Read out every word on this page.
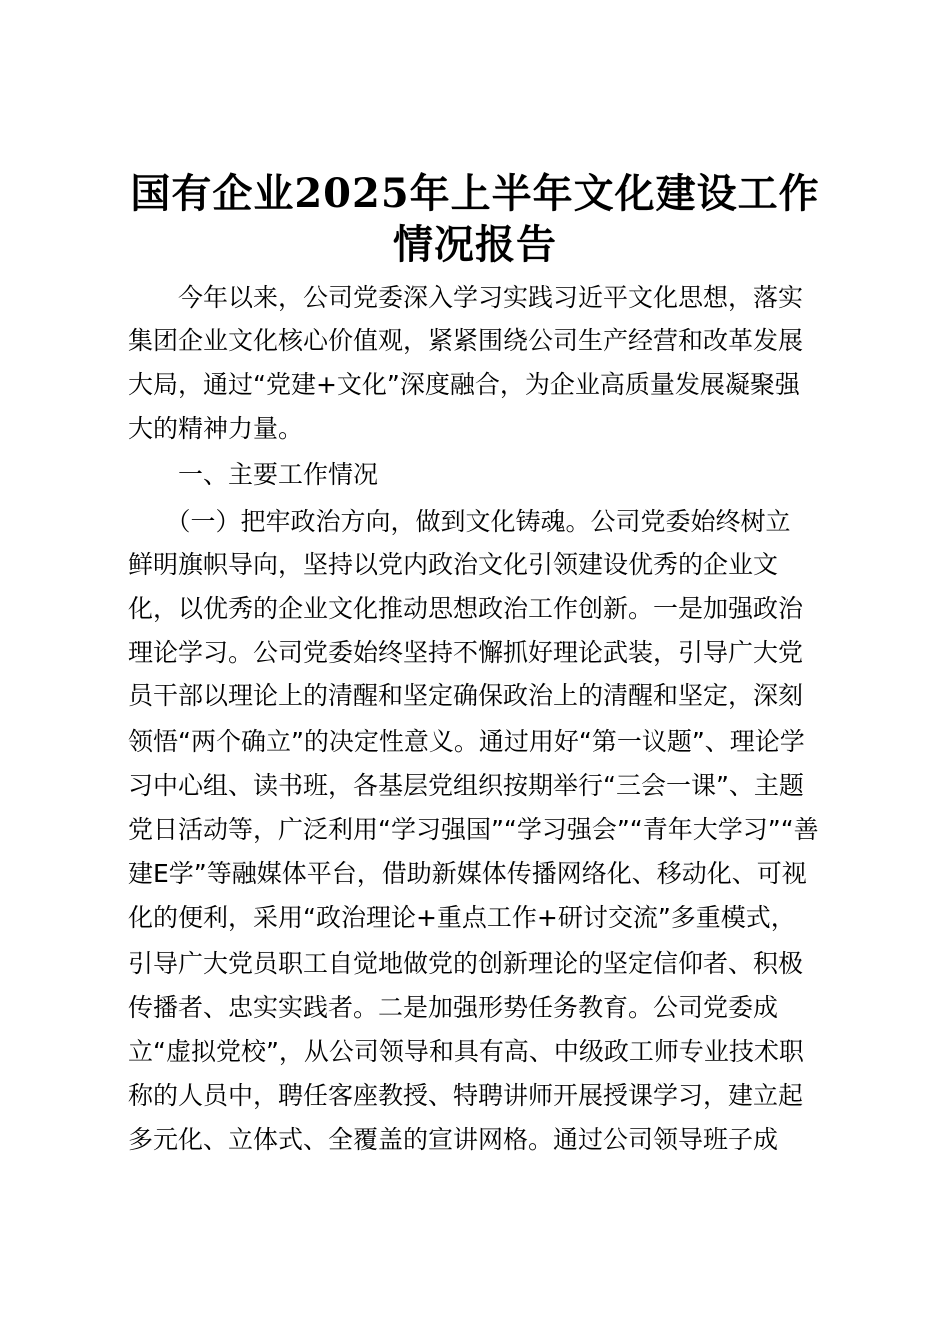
国有企业2025年上半年文化建设工作
情况报告
　　今年以来，公司党委深入学习实践习近平文化思想，落实
集团企业文化核心价值观，紧紧围绕公司生产经营和改革发展
大局，通过“党建+文化”深度融合，为企业高质量发展凝聚强
大的精神力量。
　　一、主要工作情况
　　（一）把牢政治方向，做到文化铸魂。公司党委始终树立
鲜明旗帜导向，坚持以党内政治文化引领建设优秀的企业文
化，以优秀的企业文化推动思想政治工作创新。一是加强政治
理论学习。公司党委始终坚持不懈抓好理论武装，引导广大党
员干部以理论上的清醒和坚定确保政治上的清醒和坚定，深刻
领悟“两个确立”的决定性意义。通过用好“第一议题”、理论学
习中心组、读书班，各基层党组织按期举行“三会一课”、主题
党日活动等，广泛利用“学习强国”“学习强会”“青年大学习”“善
建E学”等融媒体平台，借助新媒体传播网络化、移动化、可视
化的便利，采用“政治理论+重点工作+研讨交流”多重模式，
引导广大党员职工自觉地做党的创新理论的坚定信仰者、积极
传播者、忠实实践者。二是加强形势任务教育。公司党委成
立“虚拟党校”，从公司领导和具有高、中级政工师专业技术职
称的人员中，聘任客座教授、特聘讲师开展授课学习，建立起
多元化、立体式、全覆盖的宣讲网格。通过公司领导班子成
